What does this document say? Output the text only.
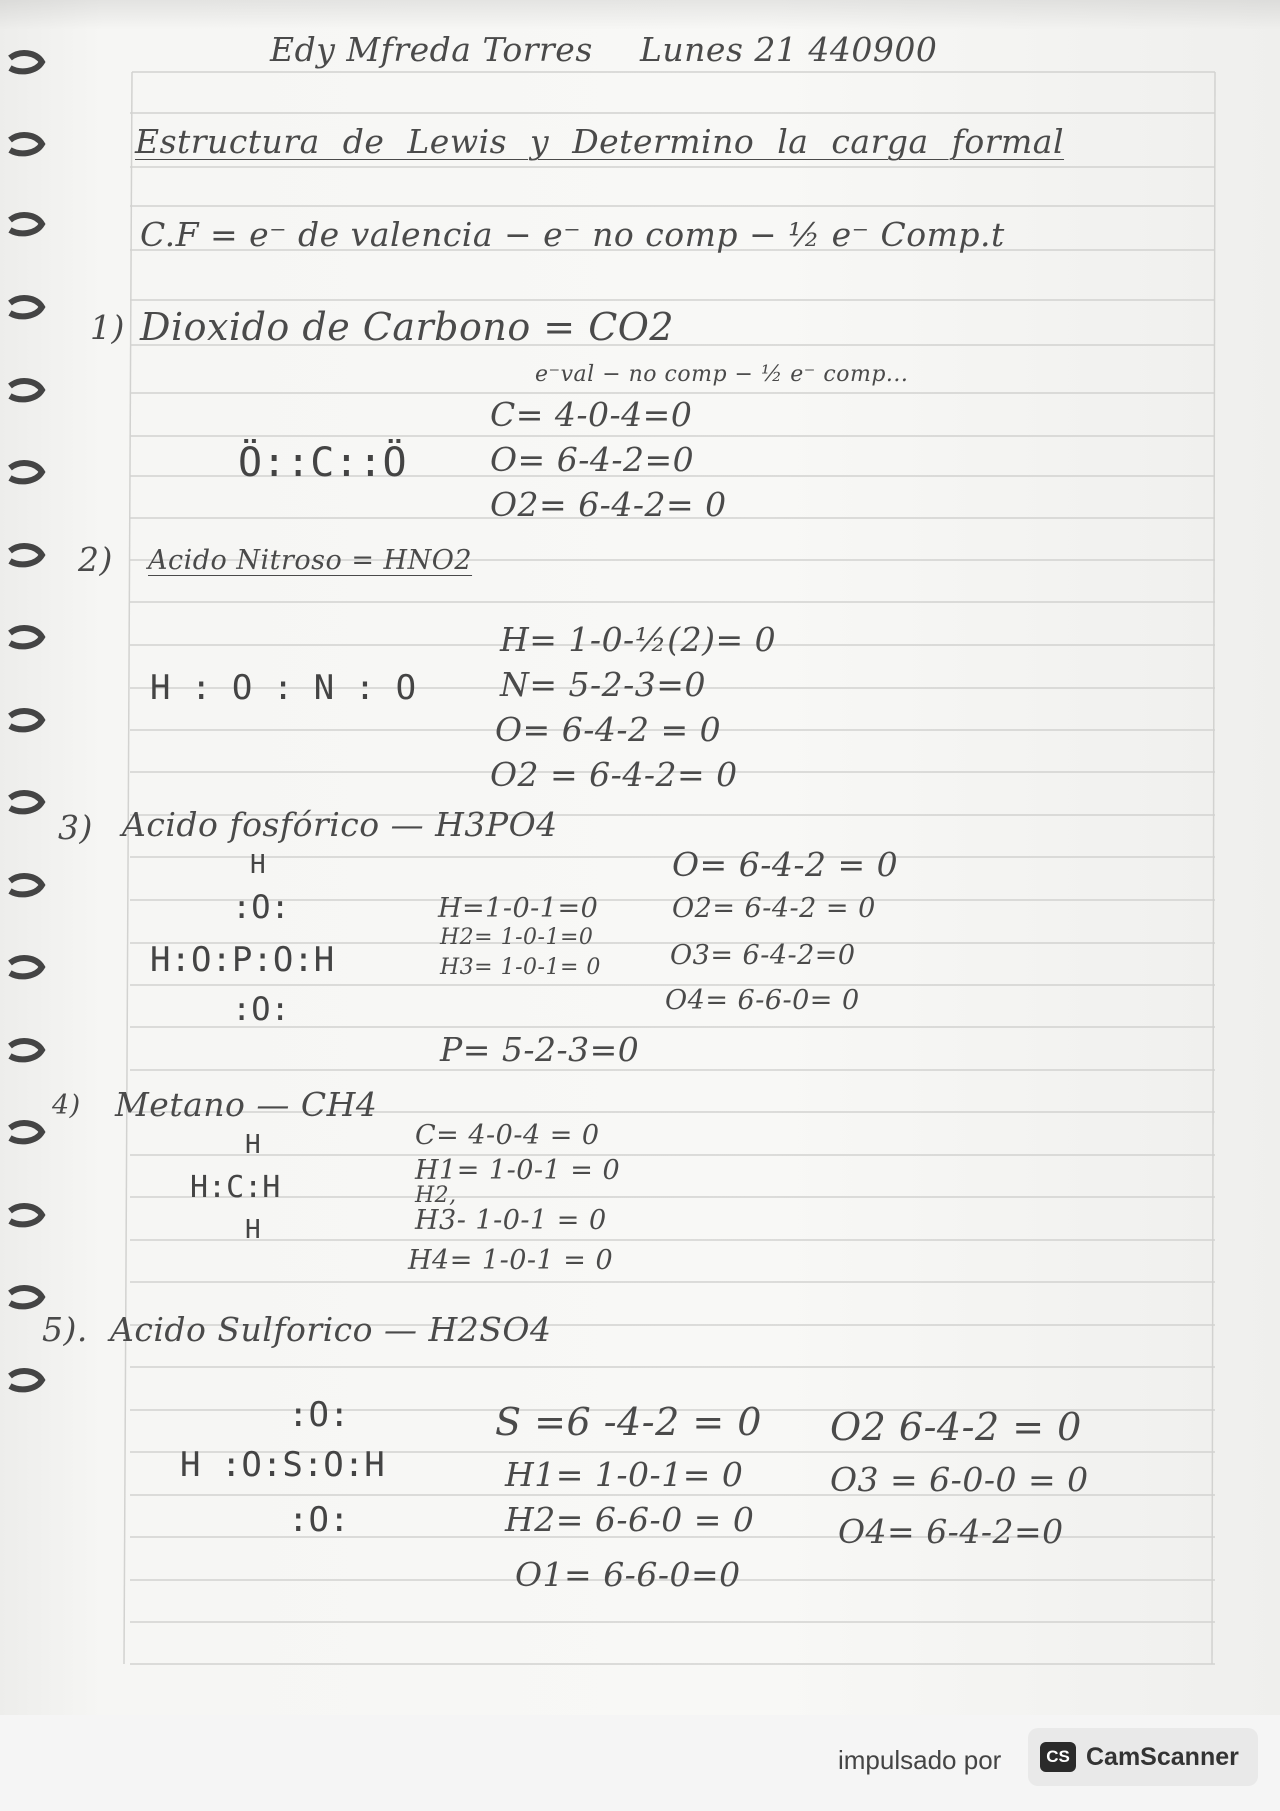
Edy Mfreda Torres Lunes 21 440900
Estructura de Lewis y Determino la carga formal
C.F = e⁻ de valencia − e⁻ no comp − ½ e⁻ Comp.t
1) Dioxido de Carbono = CO2
e⁻val − no comp − ½ e⁻ comp...
Ö::C::Ö
C= 4-0-4=0
O= 6-4-2=0
O2= 6-4-2= 0
2) Acido Nitroso = HNO2
H : O : N : O
H= 1-0-½(2)= 0
N= 5-2-3=0
O= 6-4-2 = 0
O2 = 6-4-2= 0
3) Acido fosfórico — H3PO4
H
:O:
H:O:P:O:H
:O:
H=1-0-1=0
H2= 1-0-1=0
H3= 1-0-1= 0
P= 5-2-3=0
O= 6-4-2 = 0
O2= 6-4-2 = 0
O3= 6-4-2=0
O4= 6-6-0= 0
4) Metano — CH4
H
H:C:H
H
C= 4-0-4 = 0
H1= 1-0-1 = 0
H2,
H3- 1-0-1 = 0
H4= 1-0-1 = 0
5). Acido Sulforico — H2SO4
:O:
H :O:S:O:H
:O:
S =6 -4-2 = 0
H1= 1-0-1= 0
H2= 6-6-0 = 0
O1= 6-6-0=0
O2 6-4-2 = 0
O3 = 6-0-0 = 0
O4= 6-4-2=0
impulsado por	CS CamScanner
